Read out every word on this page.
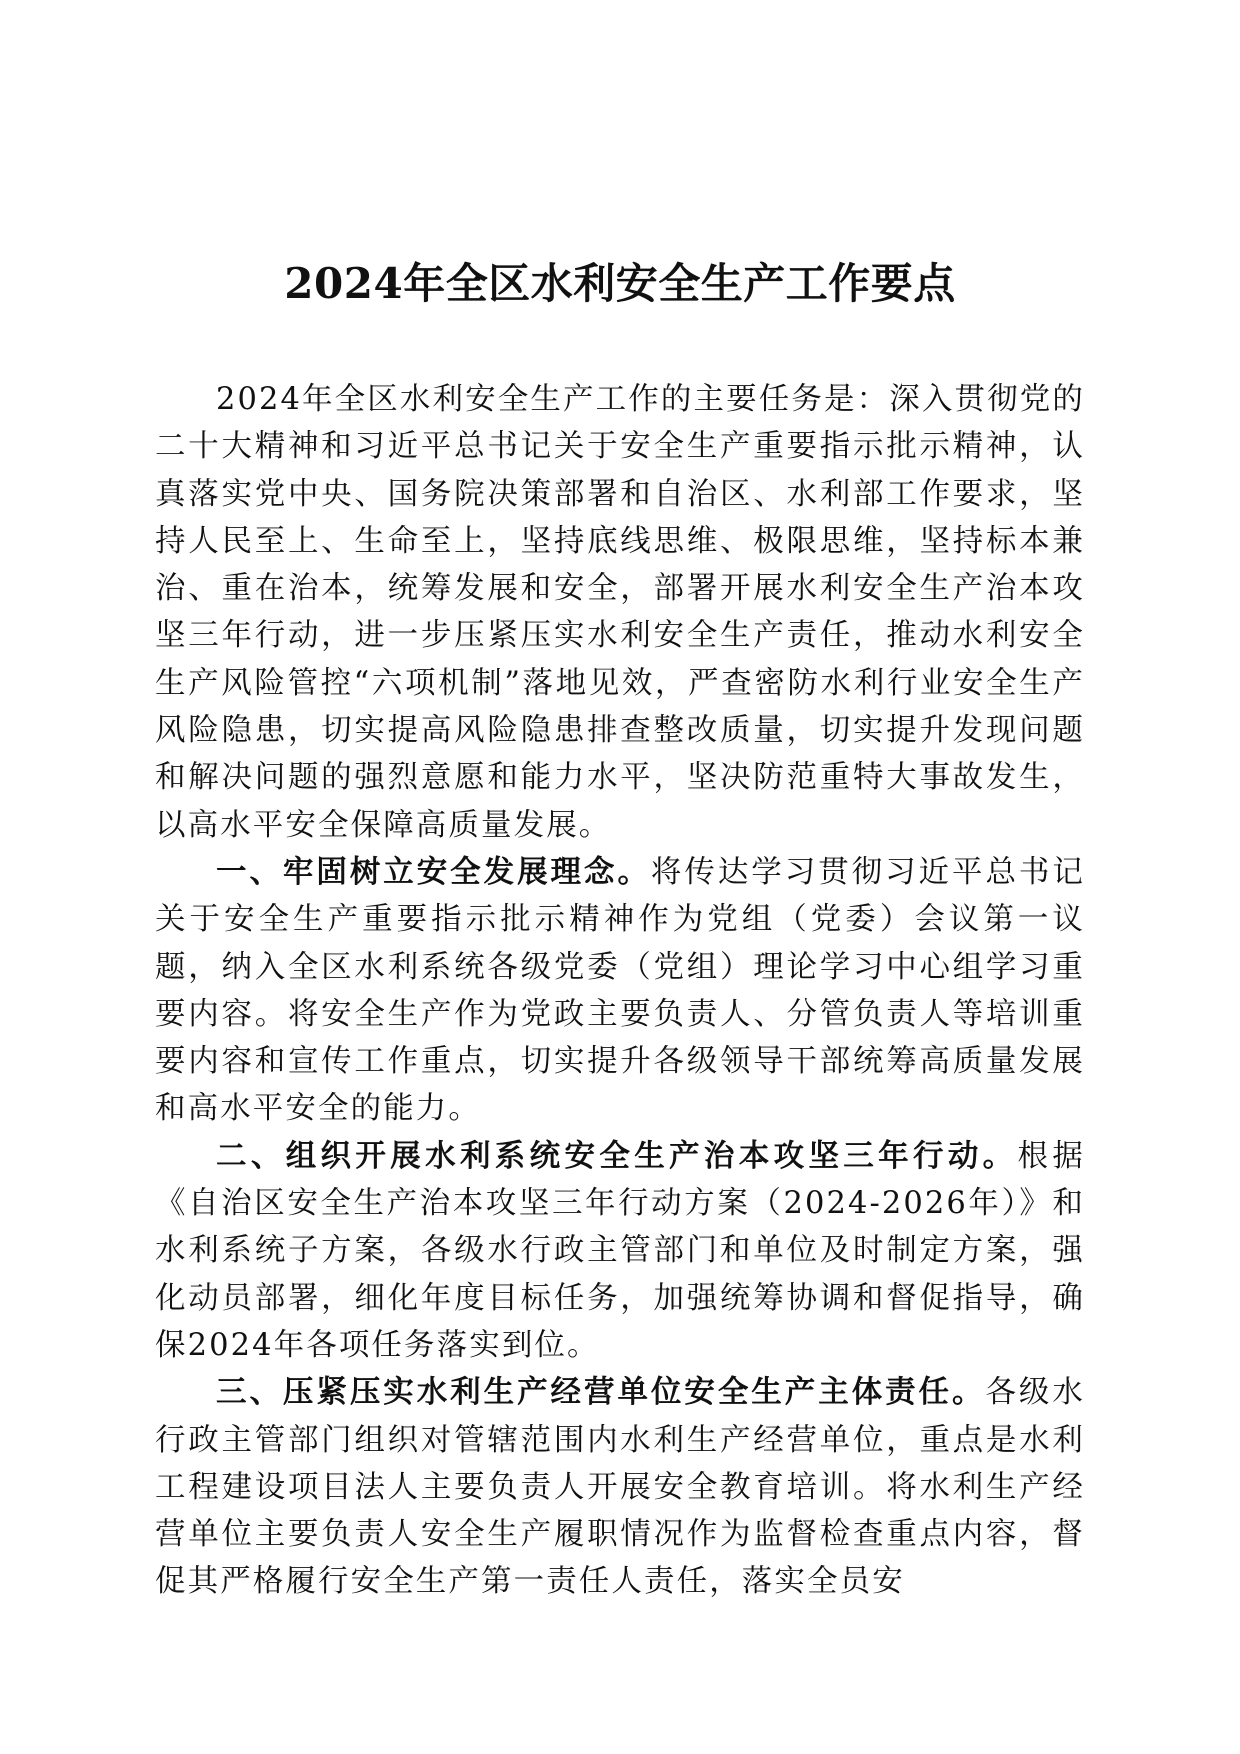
2024年全区水利安全生产工作要点

2024年全区水利安全生产工作的主要任务是：深入贯彻党的二十大精神和习近平总书记关于安全生产重要指示批示精神，认真落实党中央、国务院决策部署和自治区、水利部工作要求，坚持人民至上、生命至上，坚持底线思维、极限思维，坚持标本兼治、重在治本，统筹发展和安全，部署开展水利安全生产治本攻坚三年行动，进一步压紧压实水利安全生产责任，推动水利安全生产风险管控“六项机制”落地见效，严查密防水利行业安全生产风险隐患，切实提高风险隐患排查整改质量，切实提升发现问题和解决问题的强烈意愿和能力水平，坚决防范重特大事故发生，以高水平安全保障高质量发展。

一、牢固树立安全发展理念。将传达学习贯彻习近平总书记关于安全生产重要指示批示精神作为党组（党委）会议第一议题，纳入全区水利系统各级党委（党组）理论学习中心组学习重要内容。将安全生产作为党政主要负责人、分管负责人等培训重要内容和宣传工作重点，切实提升各级领导干部统筹高质量发展和高水平安全的能力。

二、组织开展水利系统安全生产治本攻坚三年行动。根据《自治区安全生产治本攻坚三年行动方案（2024-2026年）》和水利系统子方案，各级水行政主管部门和单位及时制定方案，强化动员部署，细化年度目标任务，加强统筹协调和督促指导，确保2024年各项任务落实到位。

三、压紧压实水利生产经营单位安全生产主体责任。各级水行政主管部门组织对管辖范围内水利生产经营单位，重点是水利工程建设项目法人主要负责人开展安全教育培训。将水利生产经营单位主要负责人安全生产履职情况作为监督检查重点内容，督促其严格履行安全生产第一责任人责任，落实全员安
